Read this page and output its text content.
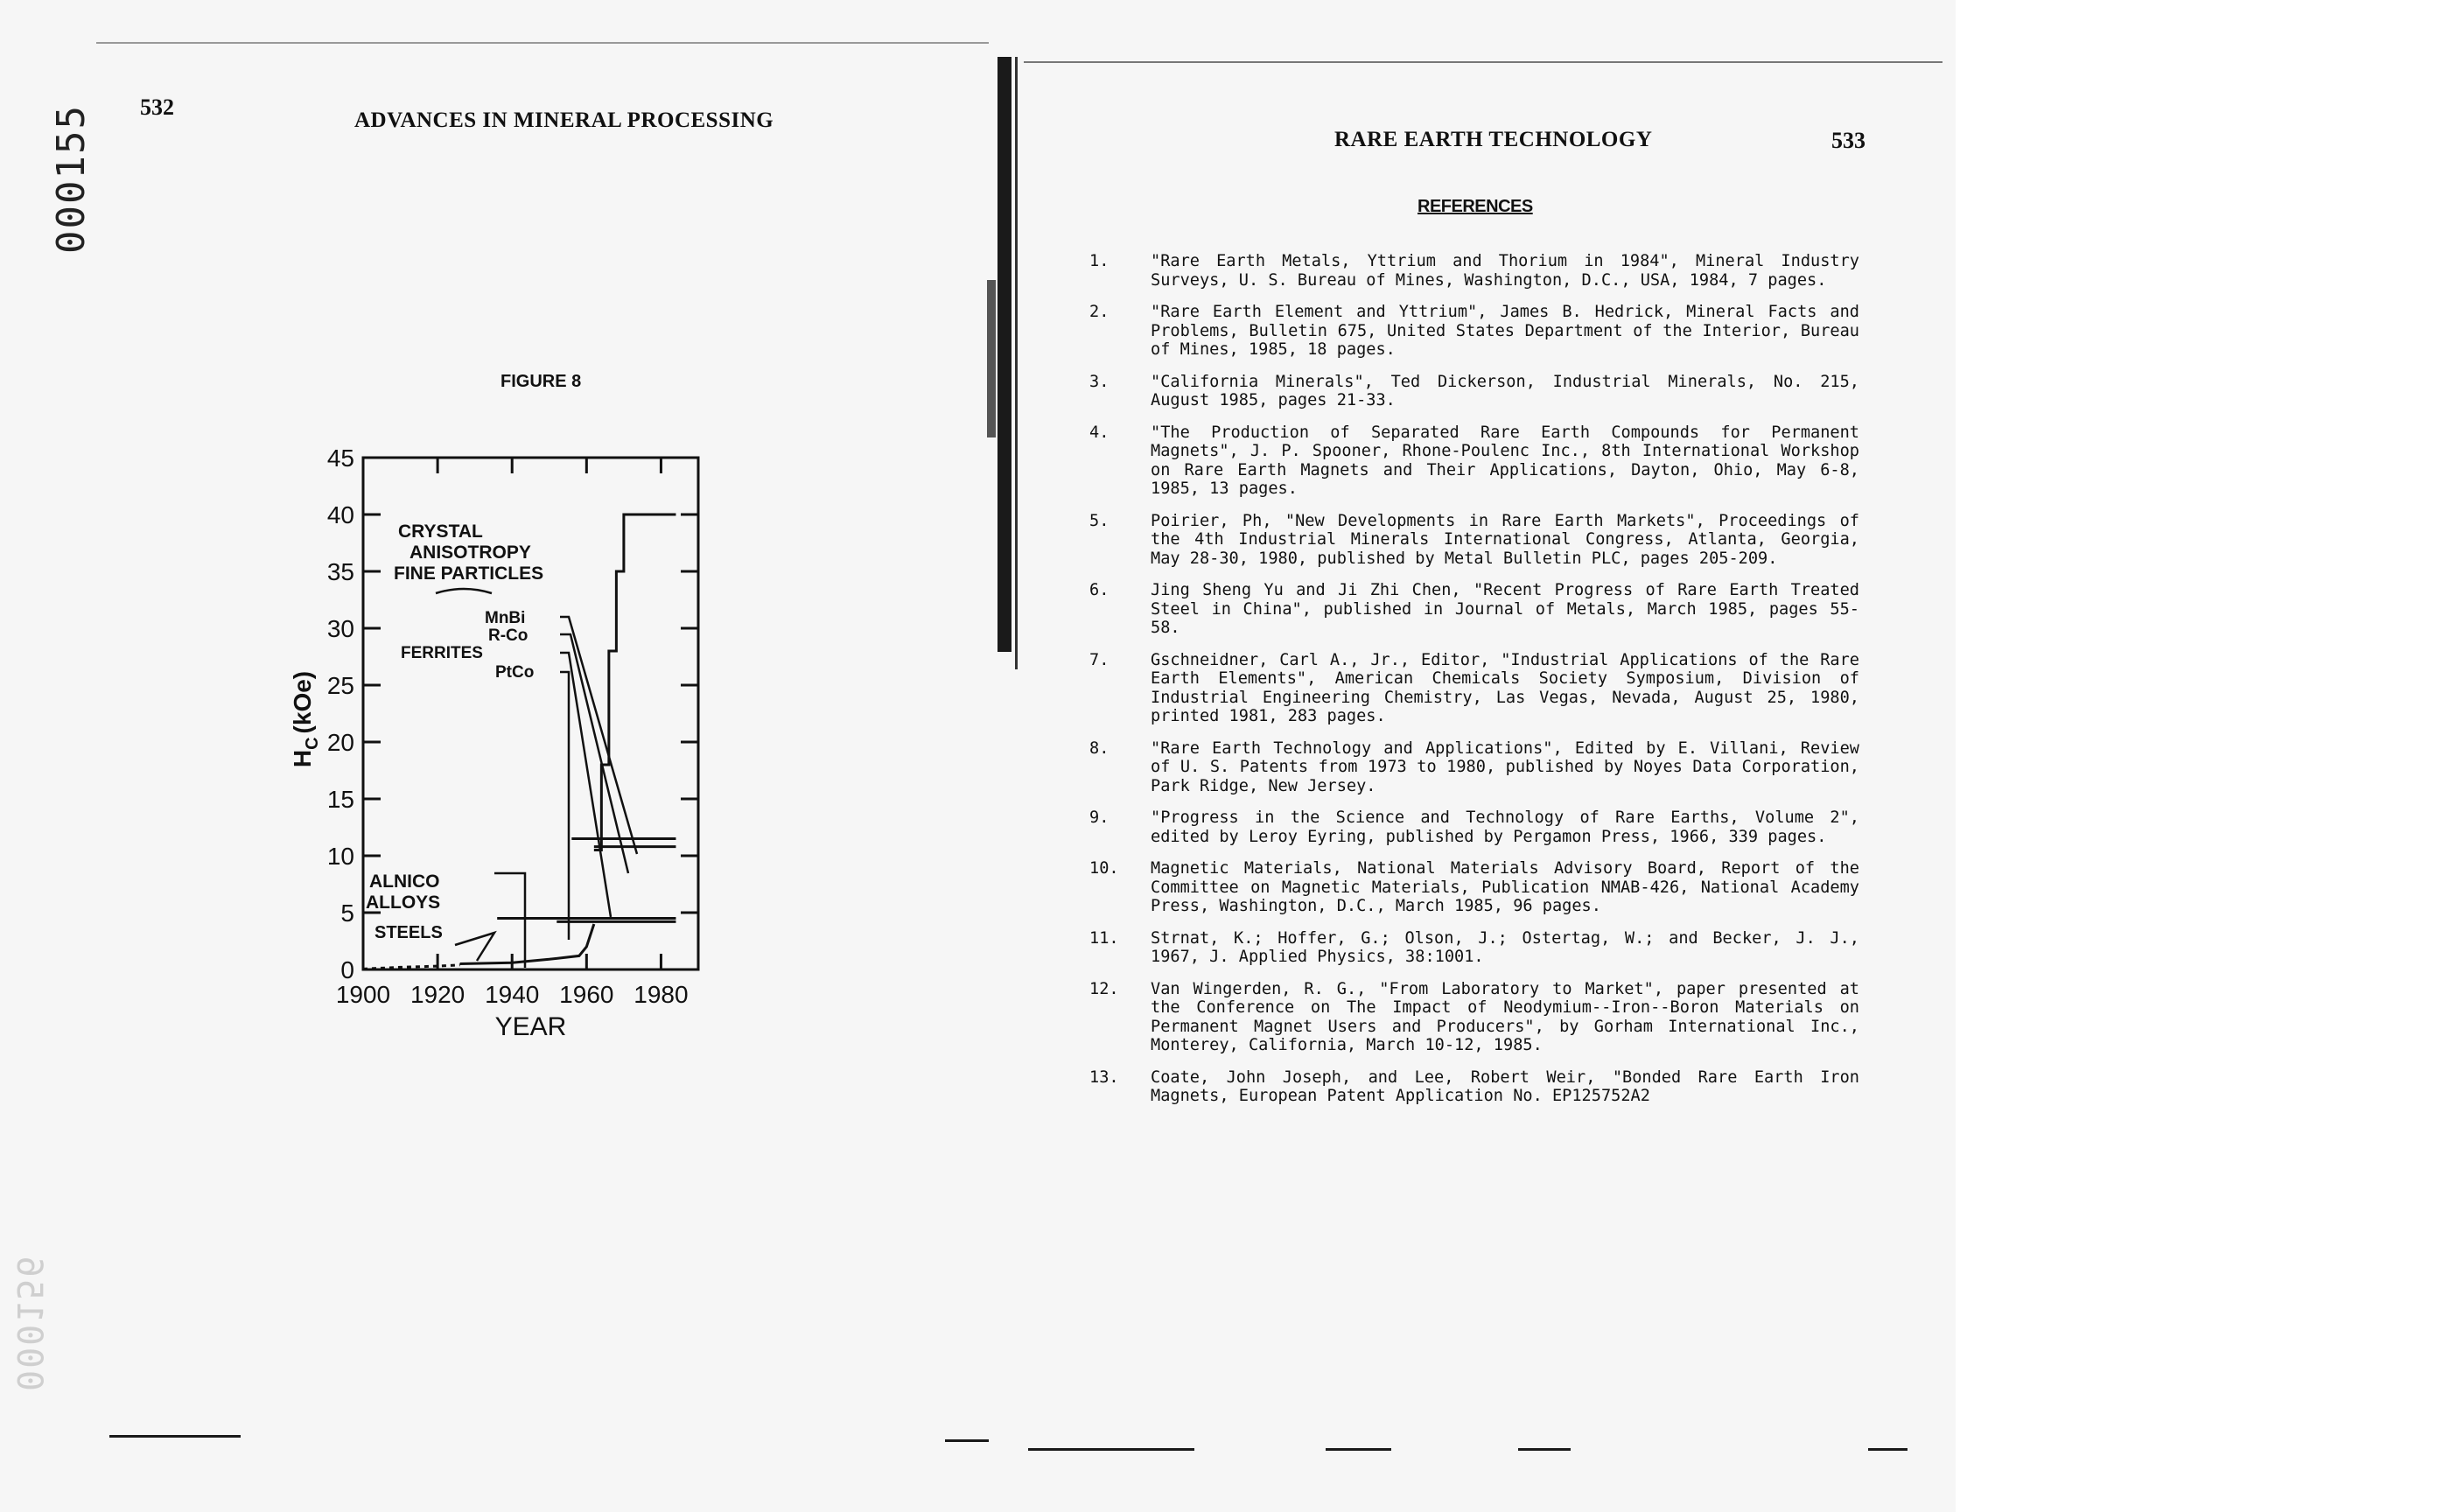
000155
000156
532
ADVANCES IN MINERAL PROCESSING
FIGURE 8
0
5
10
15
20
25
30
35
40
45
1900 1920 1940 1960 1980
YEAR
$H_C(kOe)$
CRYSTAL
ANISOTROPY
FINE PARTICLES
MnBi
R-Co
FERRITES
PtCo
ALNICO
ALLOYS
STEELS
RARE EARTH TECHNOLOGY	533
REFERENCES
1.	"Rare Earth Metals, Yttrium and Thorium in 1984", Mineral Industry Surveys, U. S. Bureau of Mines, Washington, D.C., USA, 1984, 7 pages.
2.	"Rare Earth Element and Yttrium", James B. Hedrick, Mineral Facts and Problems, Bulletin 675, United States Department of the Interior, Bureau of Mines, 1985, 18 pages.
3.	"California Minerals", Ted Dickerson, Industrial Minerals, No. 215, August 1985, pages 21-33.
4.	"The Production of Separated Rare Earth Compounds for Permanent Magnets", J. P. Spooner, Rhone-Poulenc Inc., 8th International Workshop on Rare Earth Magnets and Their Applications, Dayton, Ohio, May 6-8, 1985, 13 pages.
5.	Poirier, Ph, "New Developments in Rare Earth Markets", Proceedings of the 4th Industrial Minerals International Congress, Atlanta, Georgia, May 28-30, 1980, published by Metal Bulletin PLC, pages 205-209.
6.	Jing Sheng Yu and Ji Zhi Chen, "Recent Progress of Rare Earth Treated Steel in China", published in Journal of Metals, March 1985, pages 55-58.
7.	Gschneidner, Carl A., Jr., Editor, "Industrial Applications of the Rare Earth Elements", American Chemicals Society Symposium, Division of Industrial Engineering Chemistry, Las Vegas, Nevada, August 25, 1980, printed 1981, 283 pages.
8.	"Rare Earth Technology and Applications", Edited by E. Villani, Review of U. S. Patents from 1973 to 1980, published by Noyes Data Corporation, Park Ridge, New Jersey.
9.	"Progress in the Science and Technology of Rare Earths, Volume 2", edited by Leroy Eyring, published by Pergamon Press, 1966, 339 pages.
10.	Magnetic Materials, National Materials Advisory Board, Report of the Committee on Magnetic Materials, Publication NMAB-426, National Academy Press, Washington, D.C., March 1985, 96 pages.
11.	Strnat, K.; Hoffer, G.; Olson, J.; Ostertag, W.; and Becker, J. J., 1967, J. Applied Physics, 38:1001.
12.	Van Wingerden, R. G., "From Laboratory to Market", paper presented at the Conference on The Impact of Neodymium--Iron--Boron Materials on Permanent Magnet Users and Producers", by Gorham International Inc., Monterey, California, March 10-12, 1985.
13.	Coate, John Joseph, and Lee, Robert Weir, "Bonded Rare Earth Iron Magnets, European Patent Application No. EP125752A2
